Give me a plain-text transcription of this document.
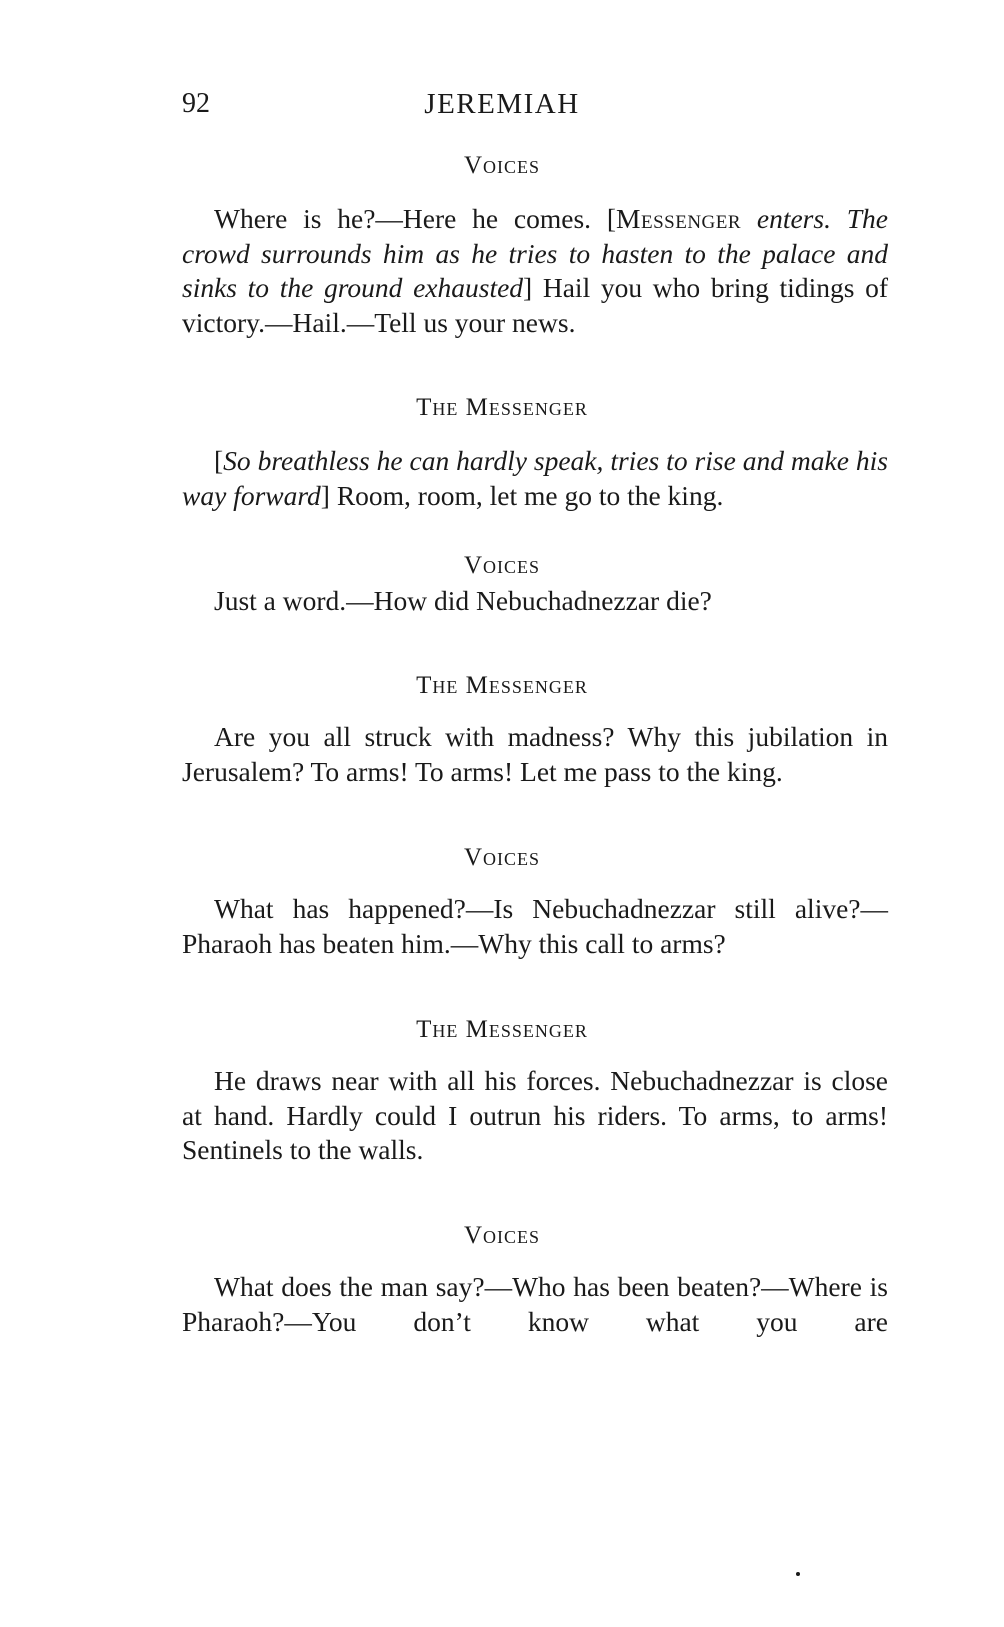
JEREMIAH
92
Voices
Where is he?—Here he comes. [Messenger enters. The crowd surrounds him as he tries to hasten to the palace and sinks to the ground exhausted] Hail you who bring tidings of victory.—Hail.—Tell us your news.
The Messenger
[So breathless he can hardly speak, tries to rise and make his way forward] Room, room, let me go to the king.
Voices
Just a word.—How did Nebuchadnezzar die?
The Messenger
Are you all struck with madness? Why this jubilation in Jerusalem? To arms! To arms! Let me pass to the king.
Voices
What has happened?—Is Nebuchadnezzar still alive?—Pharaoh has beaten him.—Why this call to arms?
The Messenger
He draws near with all his forces. Nebuchadnezzar is close at hand. Hardly could I outrun his riders. To arms, to arms! Sentinels to the walls.
Voices
What does the man say?—Who has been beaten?—Where is Pharaoh?—You don’t know what you are
